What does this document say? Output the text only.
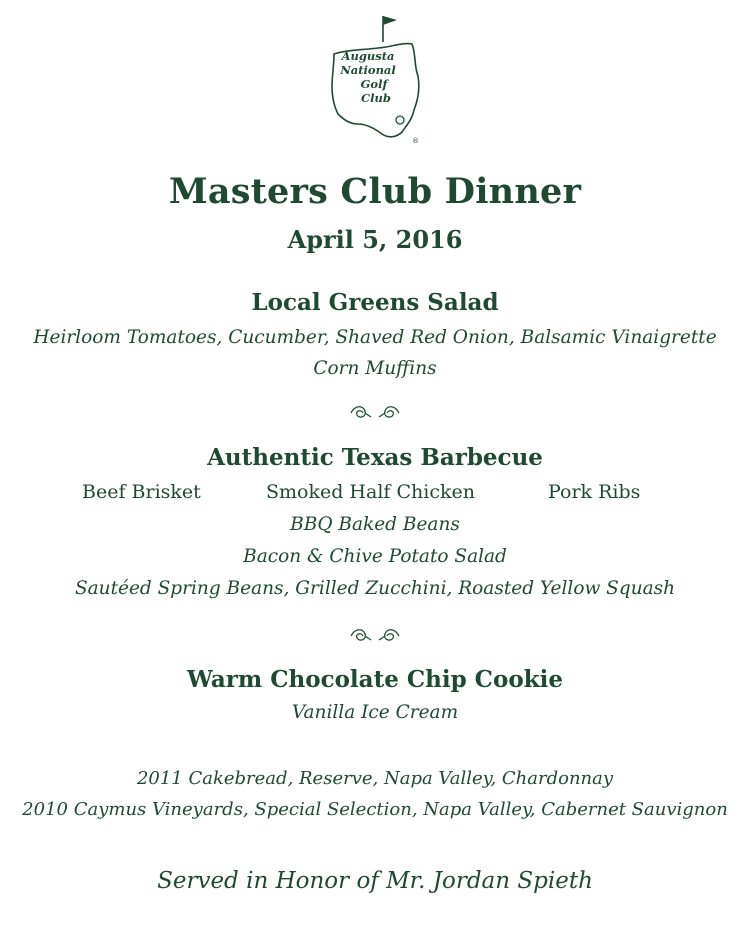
®
Augusta
National
Golf
Club
Masters Club Dinner
April 5, 2016
Local Greens Salad
Heirloom Tomatoes, Cucumber, Shaved Red Onion, Balsamic Vinaigrette
Corn Muffins
Authentic Texas Barbecue
Beef Brisket	Smoked Half Chicken	Pork Ribs
BBQ Baked Beans
Bacon & Chive Potato Salad
Sautéed Spring Beans, Grilled Zucchini, Roasted Yellow Squash
Warm Chocolate Chip Cookie
Vanilla Ice Cream
2011 Cakebread, Reserve, Napa Valley, Chardonnay
2010 Caymus Vineyards, Special Selection, Napa Valley, Cabernet Sauvignon
Served in Honor of Mr. Jordan Spieth
